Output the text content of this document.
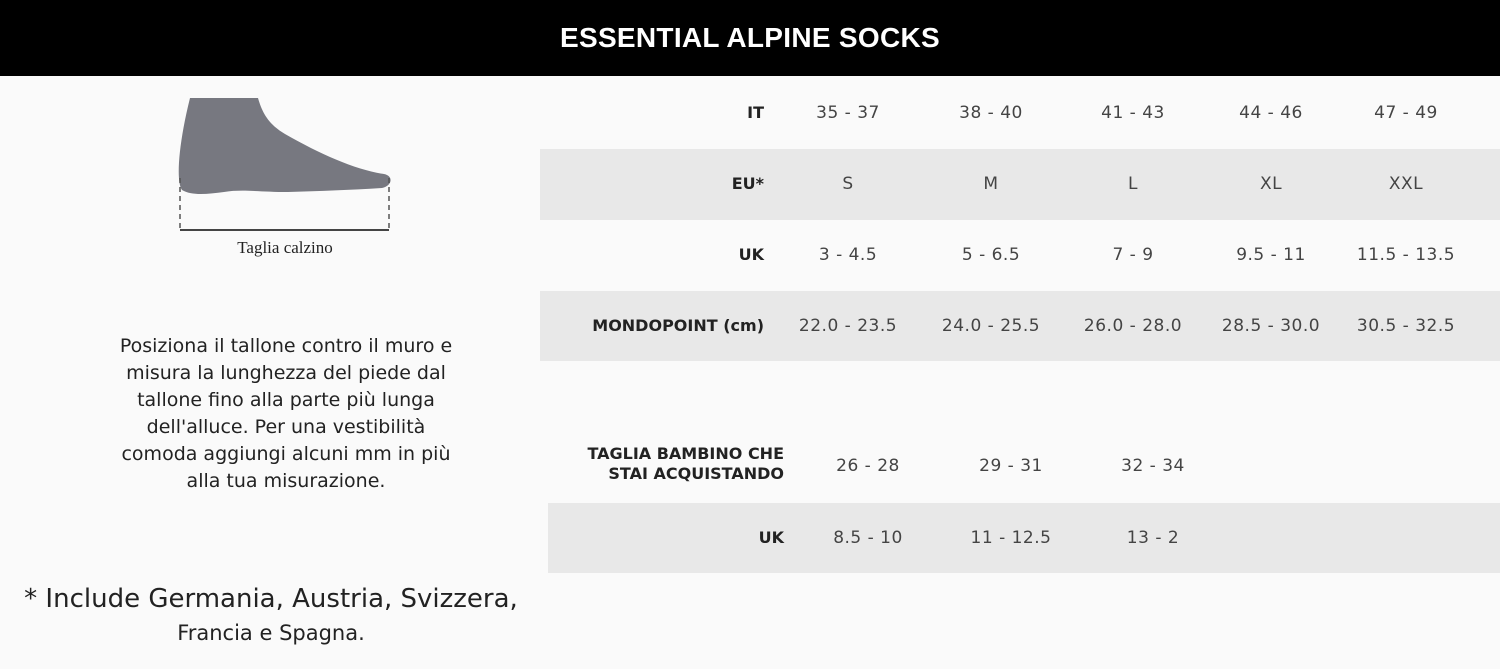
ESSENTIAL ALPINE SOCKS
Taglia calzino
Posiziona il tallone contro il muro e
misura la lunghezza del piede dal
tallone fino alla parte più lunga
dell'alluce. Per una vestibilità
comoda aggiungi alcuni mm in più
alla tua misurazione.
* Include Germania, Austria, Svizzera,
Francia e Spagna.
IT	35 - 37	38 - 40	41 - 43	44 - 46	47 - 49
EU*	S	M	L	XL	XXL
UK	3 - 4.5	5 - 6.5	7 - 9	9.5 - 11	11.5 - 13.5
MONDOPOINT (cm)	22.0 - 23.5	24.0 - 25.5	26.0 - 28.0	28.5 - 30.0	30.5 - 32.5
TAGLIA BAMBINO CHE
STAI ACQUISTANDO	26 - 28	29 - 31	32 - 34
UK	8.5 - 10	11 - 12.5	13 - 2
